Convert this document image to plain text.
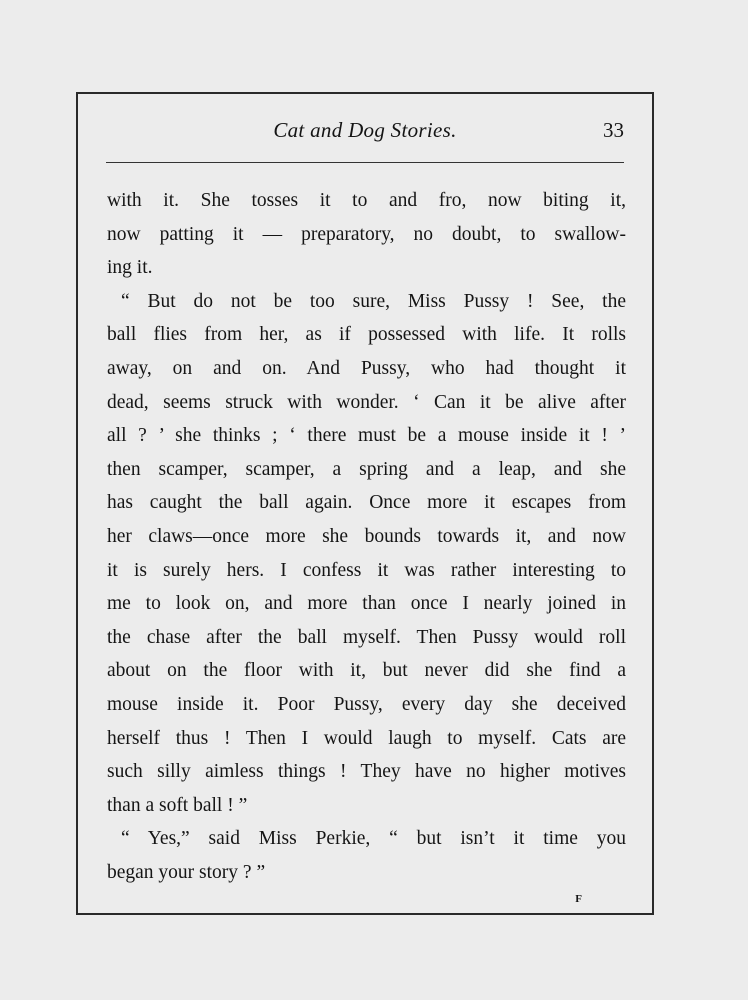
Cat and Dog Stories.	33
with it. She tosses it to and fro, now biting it,
now patting it — preparatory, no doubt, to swallow-
ing it.
“ But do not be too sure, Miss Pussy ! See, the
ball flies from her, as if possessed with life. It rolls
away, on and on. And Pussy, who had thought it
dead, seems struck with wonder. ‘ Can it be alive after
all ? ’ she thinks ; ‘ there must be a mouse inside it ! ’
then scamper, scamper, a spring and a leap, and she
has caught the ball again. Once more it escapes from
her claws—once more she bounds towards it, and now
it is surely hers. I confess it was rather interesting to
me to look on, and more than once I nearly joined in
the chase after the ball myself. Then Pussy would roll
about on the floor with it, but never did she find a
mouse inside it. Poor Pussy, every day she deceived
herself thus ! Then I would laugh to myself. Cats are
such silly aimless things ! They have no higher motives
than a soft ball ! ”
“ Yes,” said Miss Perkie, “ but isn’t it time you
began your story ? ”
F
